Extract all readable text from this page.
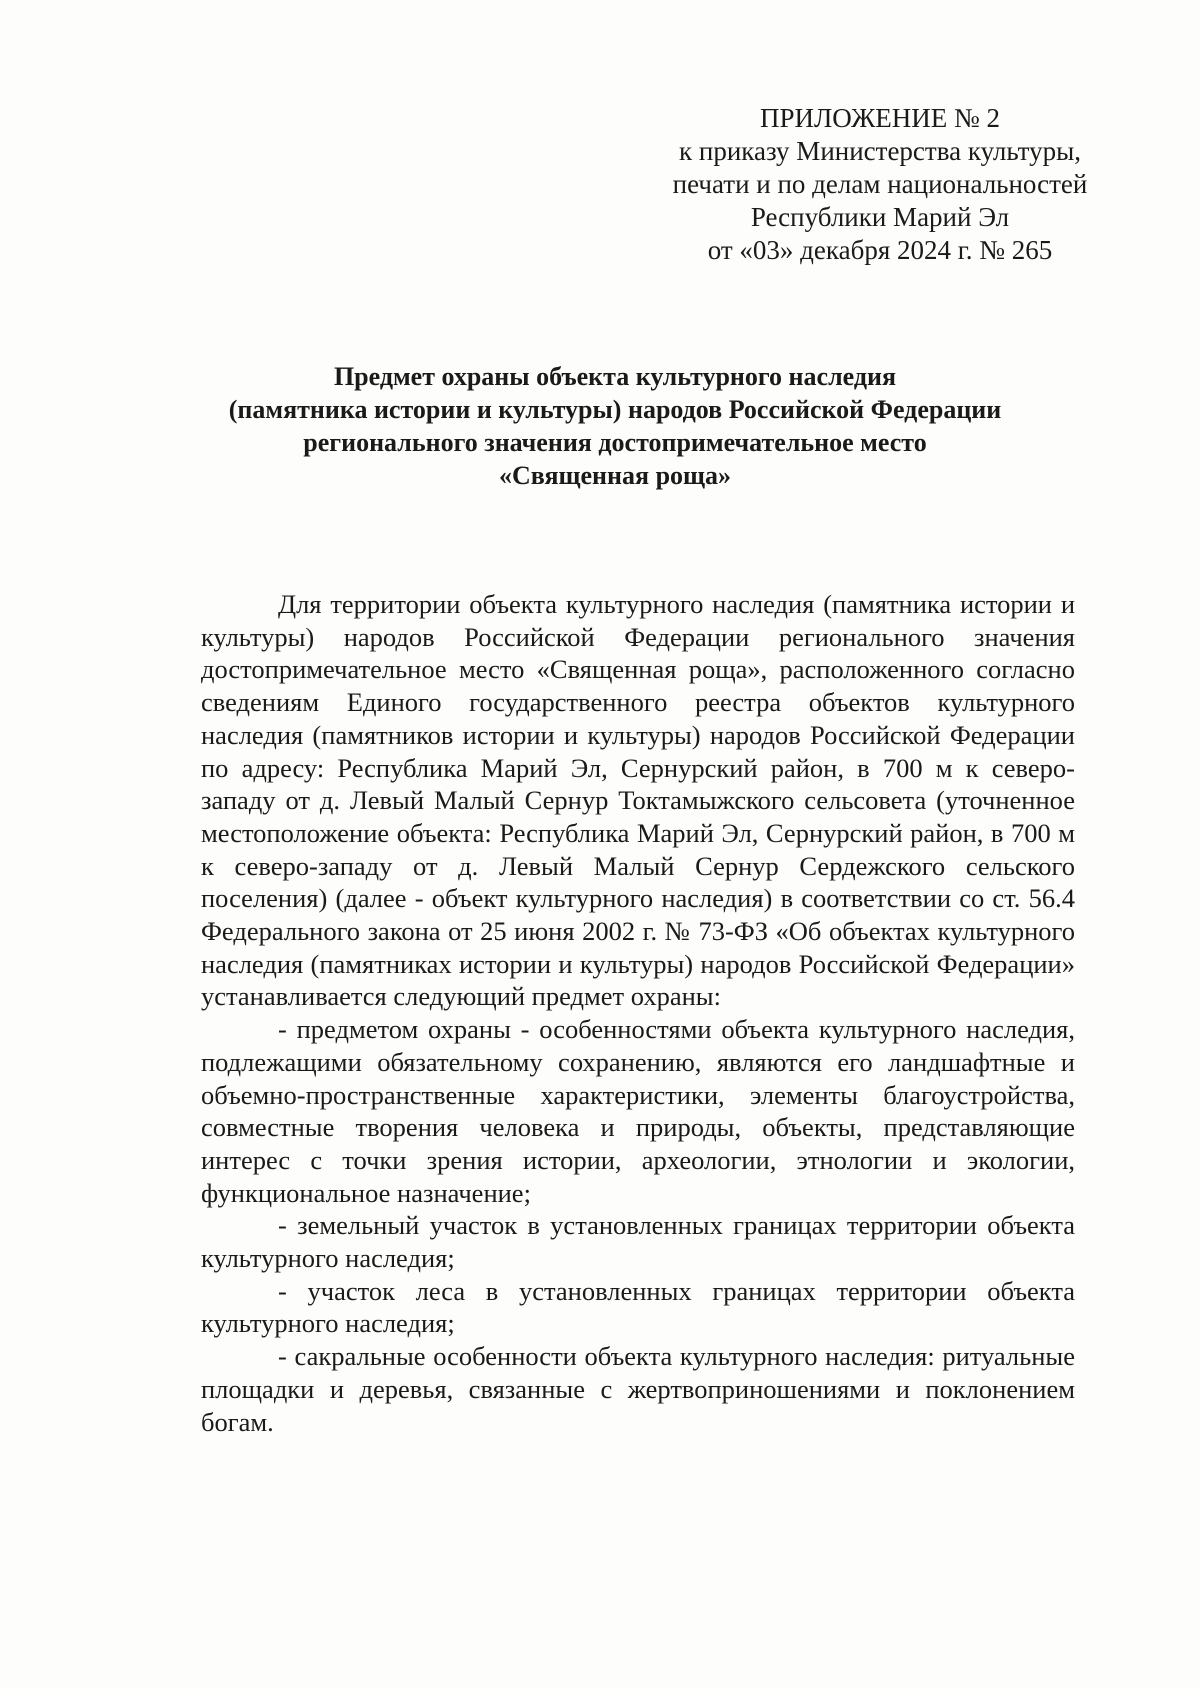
ПРИЛОЖЕНИЕ № 2
к приказу Министерства культуры,
печати и по делам национальностей
Республики Марий Эл
от «03» декабря 2024 г. № 265
Предмет охраны объекта культурного наследия
(памятника истории и культуры) народов Российской Федерации
регионального значения достопримечательное место
«Священная роща»

Для территории объекта культурного наследия (памятника истории и культуры) народов Российской Федерации регионального значения достопримечательное место «Священная роща», расположенного согласно сведениям Единого государственного реестра объектов культурного наследия (памятников истории и культуры) народов Российской Федерации по адресу: Республика Марий Эл, Сернурский район, в 700 м к северо-западу от д. Левый Малый Сернур Токтамыжского сельсовета (уточненное местоположение объекта: Республика Марий Эл, Сернурский район, в 700 м к северо-западу от д. Левый Малый Сернур Сердежского сельского поселения) (далее - объект культурного наследия) в соответствии со ст. 56.4 Федерального закона от 25 июня 2002 г. № 73-ФЗ «Об объектах культурного наследия (памятниках истории и культуры) народов Российской Федерации» устанавливается следующий предмет охраны:

- предметом охраны - особенностями объекта культурного наследия, подлежащими обязательному сохранению, являются его ландшафтные и объемно-пространственные характеристики, элементы благоустройства, совместные творения человека и природы, объекты, представляющие интерес с точки зрения истории, археологии, этнологии и экологии, функциональное назначение;

- земельный участок в установленных границах территории объекта культурного наследия;

- участок леса в установленных границах территории объекта культурного наследия;

- сакральные особенности объекта культурного наследия: ритуальные площадки и деревья, связанные с жертвоприношениями и поклонением богам.
